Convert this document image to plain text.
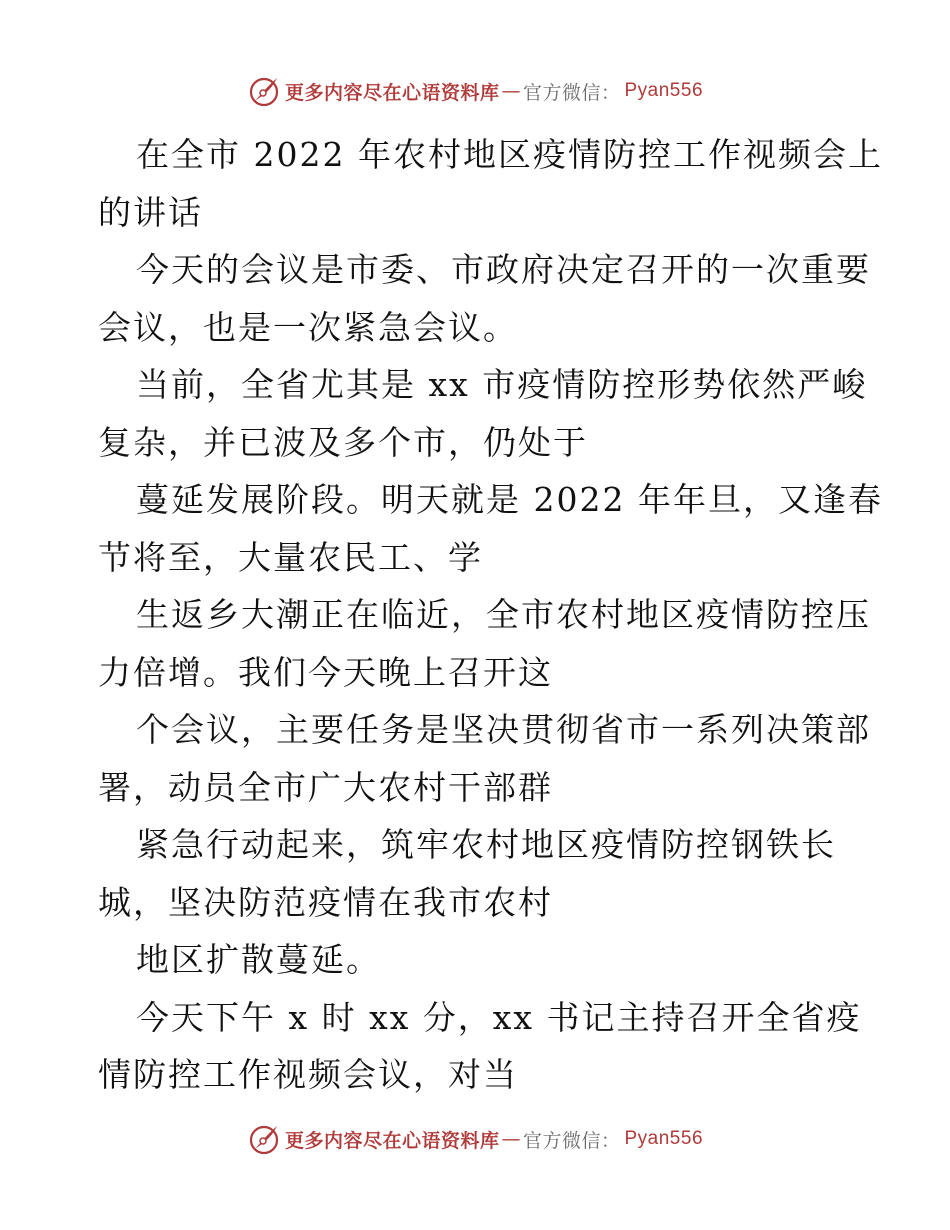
更多内容尽在心语资料库 — 官方微信： Pyan556
在全市 2022 年农村地区疫情防控工作视频会上
的讲话
今天的会议是市委、市政府决定召开的一次重要
会议，也是一次紧急会议。
当前，全省尤其是 xx 市疫情防控形势依然严峻
复杂，并已波及多个市，仍处于
蔓延发展阶段。明天就是 2022 年年旦，又逢春
节将至，大量农民工、学
生返乡大潮正在临近，全市农村地区疫情防控压
力倍增。我们今天晚上召开这
个会议，主要任务是坚决贯彻省市一系列决策部
署，动员全市广大农村干部群
紧急行动起来，筑牢农村地区疫情防控钢铁长
城，坚决防范疫情在我市农村
地区扩散蔓延。
今天下午 x 时 xx 分，xx 书记主持召开全省疫
情防控工作视频会议，对当
更多内容尽在心语资料库 — 官方微信： Pyan556
